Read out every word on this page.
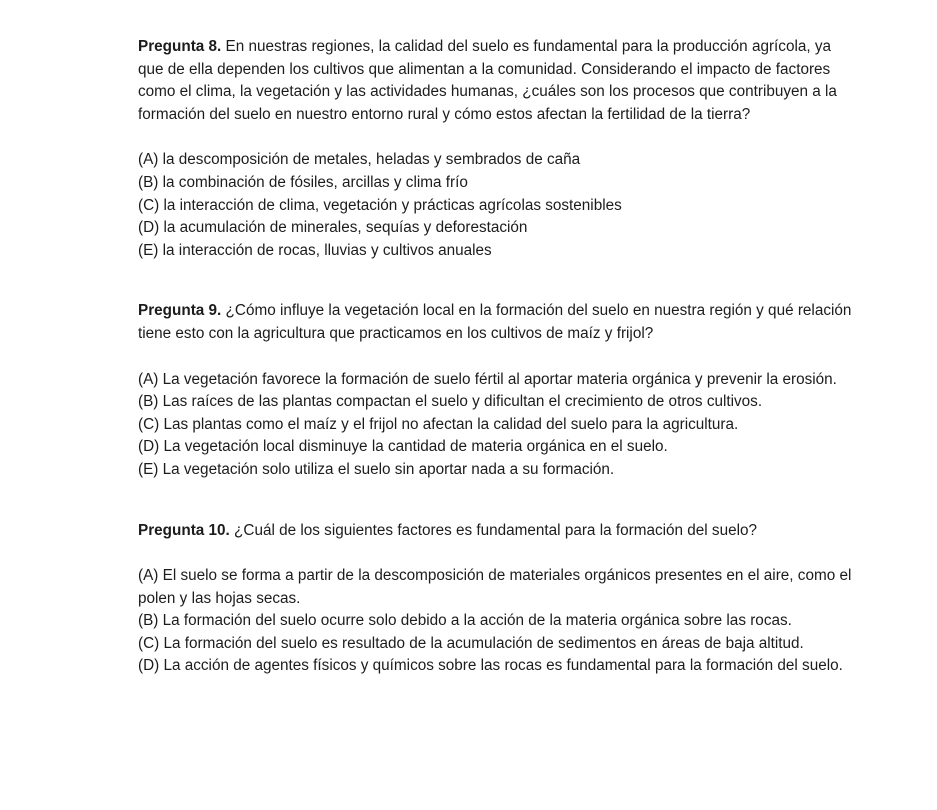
Pregunta 8. En nuestras regiones, la calidad del suelo es fundamental para la producción agrícola, ya que de ella dependen los cultivos que alimentan a la comunidad. Considerando el impacto de factores como el clima, la vegetación y las actividades humanas, ¿cuáles son los procesos que contribuyen a la formación del suelo en nuestro entorno rural y cómo estos afectan la fertilidad de la tierra?

(A) la descomposición de metales, heladas y sembrados de caña
(B) la combinación de fósiles, arcillas y clima frío
(C) la interacción de clima, vegetación y prácticas agrícolas sostenibles
(D) la acumulación de minerales, sequías y deforestación
(E) la interacción de rocas, lluvias y cultivos anuales

Pregunta 9. ¿Cómo influye la vegetación local en la formación del suelo en nuestra región y qué relación tiene esto con la agricultura que practicamos en los cultivos de maíz y frijol?

(A) La vegetación favorece la formación de suelo fértil al aportar materia orgánica y prevenir la erosión.
(B) Las raíces de las plantas compactan el suelo y dificultan el crecimiento de otros cultivos.
(C) Las plantas como el maíz y el frijol no afectan la calidad del suelo para la agricultura.
(D) La vegetación local disminuye la cantidad de materia orgánica en el suelo.
(E) La vegetación solo utiliza el suelo sin aportar nada a su formación.

Pregunta 10. ¿Cuál de los siguientes factores es fundamental para la formación del suelo?

(A) El suelo se forma a partir de la descomposición de materiales orgánicos presentes en el aire, como el polen y las hojas secas.
(B) La formación del suelo ocurre solo debido a la acción de la materia orgánica sobre las rocas.
(C) La formación del suelo es resultado de la acumulación de sedimentos en áreas de baja altitud.
(D) La acción de agentes físicos y químicos sobre las rocas es fundamental para la formación del suelo.
